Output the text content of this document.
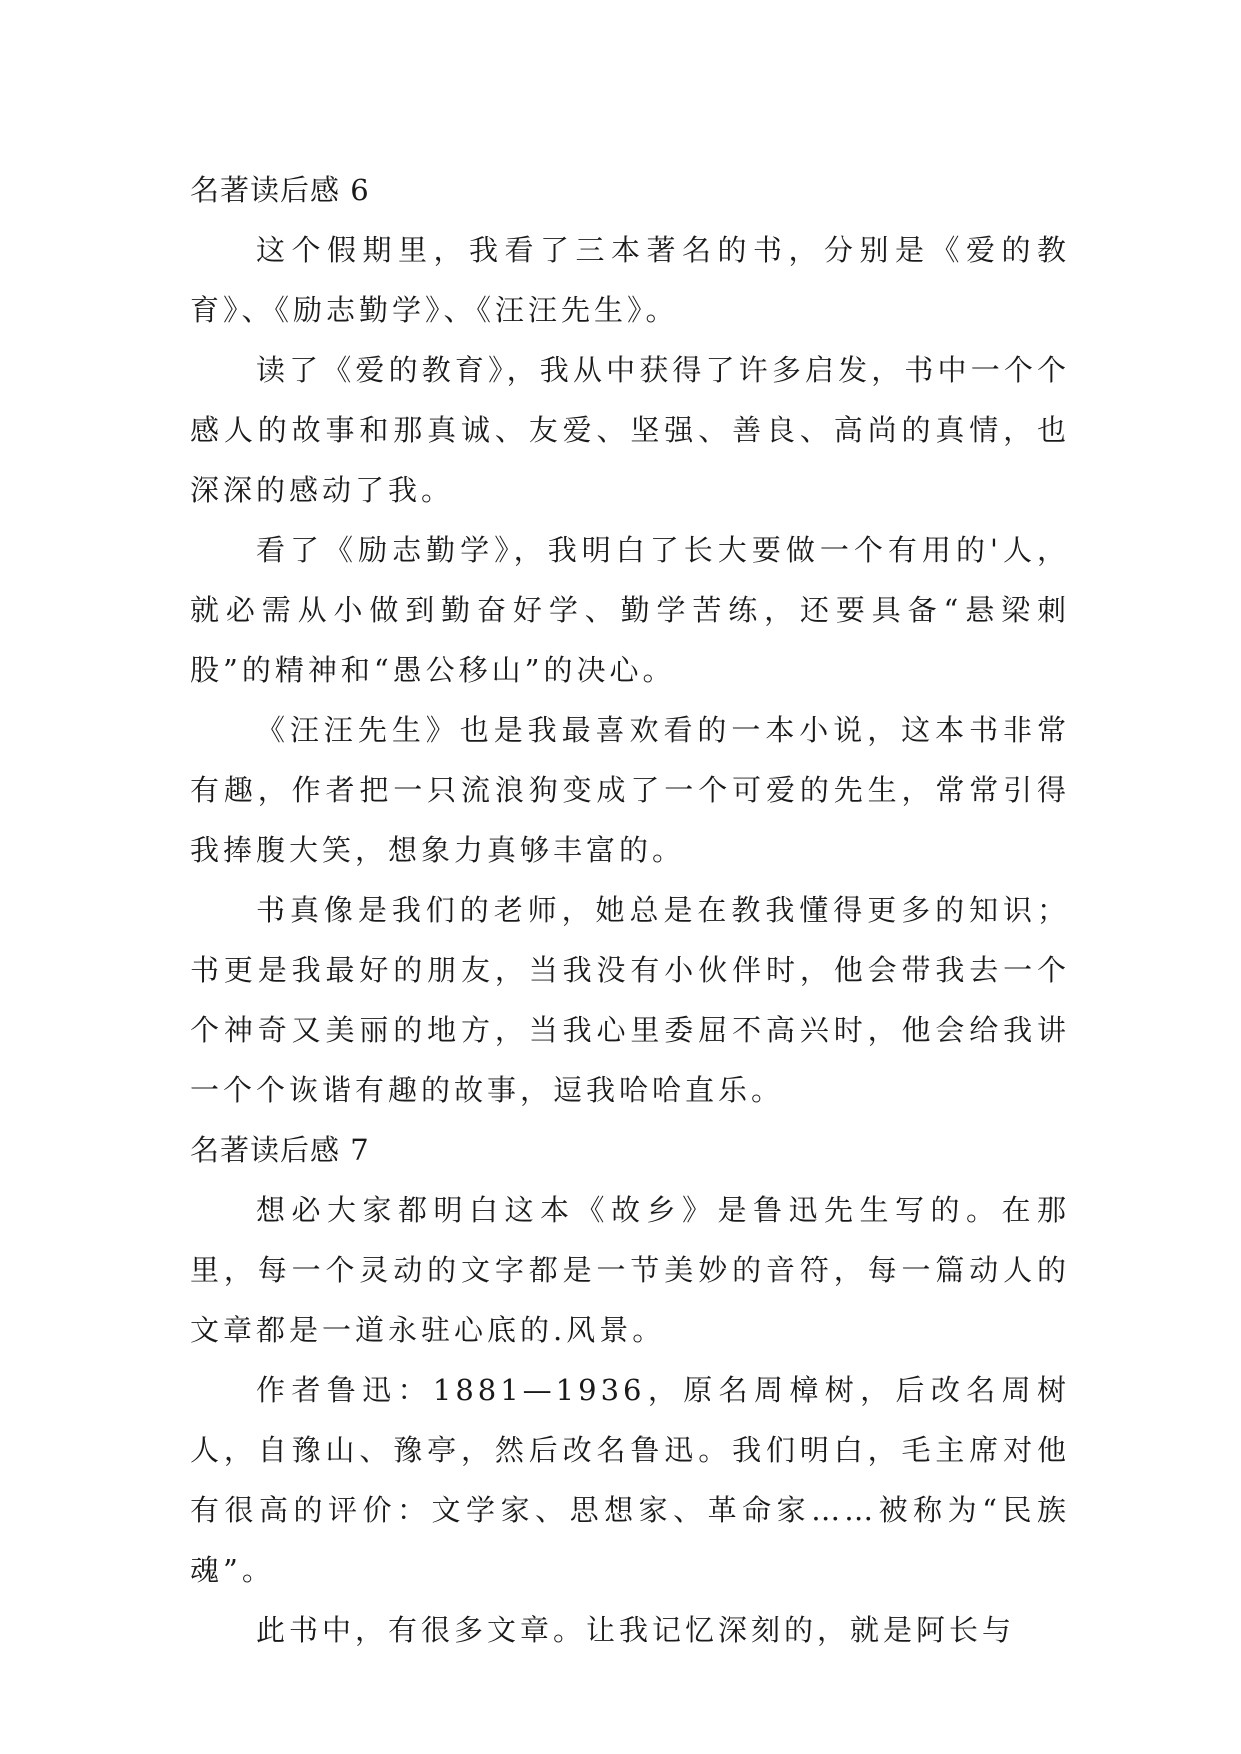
名著读后感 6

这个假期里，我看了三本著名的书，分别是《爱的教育》、《励志勤学》、《汪汪先生》。

读了《爱的教育》，我从中获得了许多启发，书中一个个感人的故事和那真诚、友爱、坚强、善良、高尚的真情，也深深的感动了我。

看了《励志勤学》，我明白了长大要做一个有用的'人，就必需从小做到勤奋好学、勤学苦练，还要具备“悬梁刺股”的精神和“愚公移山”的决心。

《汪汪先生》也是我最喜欢看的一本小说，这本书非常有趣，作者把一只流浪狗变成了一个可爱的先生，常常引得我捧腹大笑，想象力真够丰富的。

书真像是我们的老师，她总是在教我懂得更多的知识；书更是我最好的朋友，当我没有小伙伴时，他会带我去一个个神奇又美丽的地方，当我心里委屈不高兴时，他会给我讲一个个诙谐有趣的故事，逗我哈哈直乐。

名著读后感 7

想必大家都明白这本《故乡》是鲁迅先生写的。在那里，每一个灵动的文字都是一节美妙的音符，每一篇动人的文章都是一道永驻心底的.风景。

作者鲁迅：1881—1936，原名周樟树，后改名周树人，自豫山、豫亭，然后改名鲁迅。我们明白，毛主席对他有很高的评价：文学家、思想家、革命家……被称为“民族魂”。

此书中，有很多文章。让我记忆深刻的，就是阿长与
